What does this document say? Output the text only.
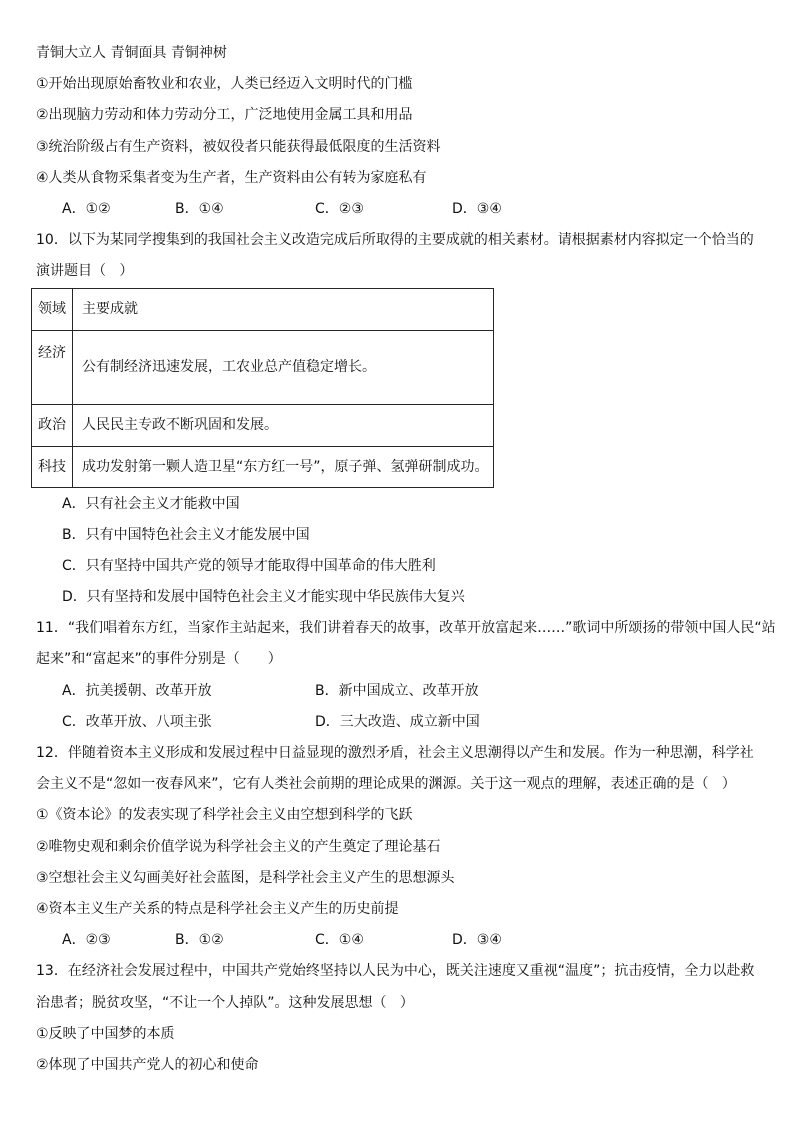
青铜大立人 青铜面具 青铜神树
①开始出现原始畜牧业和农业，人类已经迈入文明时代的门槛
②出现脑力劳动和体力劳动分工，广泛地使用金属工具和用品
③统治阶级占有生产资料，被奴役者只能获得最低限度的生活资料
④人类从食物采集者变为生产者，生产资料由公有转为家庭私有
A．①②	B．①④	C．②③	D．③④
10．以下为某同学搜集到的我国社会主义改造完成后所取得的主要成就的相关素材。请根据素材内容拟定一个恰当的
演讲题目（   ）
领域	主要成就
经济	公有制经济迅速发展，工农业总产值稳定增长。
政治	人民民主专政不断巩固和发展。
科技	成功发射第一颗人造卫星“东方红一号”，原子弹、氢弹研制成功。
A．只有社会主义才能救中国
B．只有中国特色社会主义才能发展中国
C．只有坚持中国共产党的领导才能取得中国革命的伟大胜利
D．只有坚持和发展中国特色社会主义才能实现中华民族伟大复兴
11．“我们唱着东方红，当家作主站起来，我们讲着春天的故事，改革开放富起来……”歌词中所颂扬的带领中国人民“站
起来”和“富起来”的事件分别是（　　）
A．抗美援朝、改革开放	B．新中国成立、改革开放
C．改革开放、八项主张	D．三大改造、成立新中国
12．伴随着资本主义形成和发展过程中日益显现的激烈矛盾，社会主义思潮得以产生和发展。作为一种思潮，科学社
会主义不是“忽如一夜春风来”，它有人类社会前期的理论成果的渊源。关于这一观点的理解，表述正确的是（   ）
①《资本论》的发表实现了科学社会主义由空想到科学的飞跃
②唯物史观和剩余价值学说为科学社会主义的产生奠定了理论基石
③空想社会主义勾画美好社会蓝图，是科学社会主义产生的思想源头
④资本主义生产关系的特点是科学社会主义产生的历史前提
A．②③	B．①②	C．①④	D．③④
13．在经济社会发展过程中，中国共产党始终坚持以人民为中心，既关注速度又重视“温度”；抗击疫情，全力以赴救
治患者；脱贫攻坚，“不让一个人掉队”。这种发展思想（   ）
①反映了中国梦的本质
②体现了中国共产党人的初心和使命
